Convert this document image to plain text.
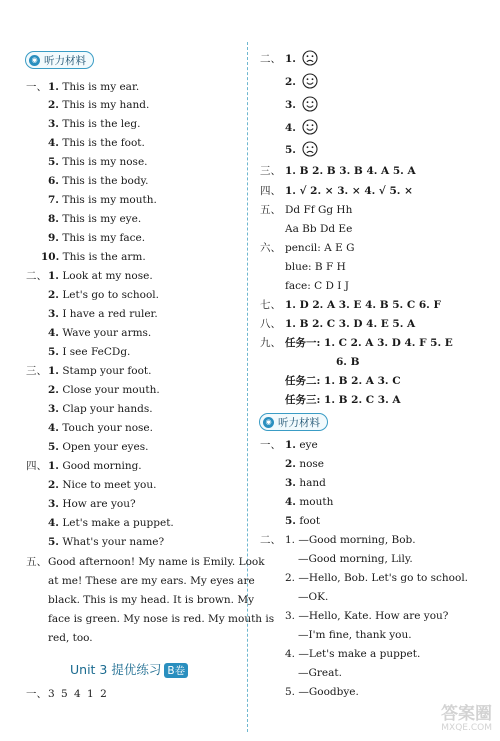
◉ 听力材料
一、 1. This is my ear.
2. This is my hand.
3. This is the leg.
4. This is the foot.
5. This is my nose.
6. This is the body.
7. This is my mouth.
8. This is my eye.
9. This is my face.
10. This is the arm.
二、 1. Look at my nose.
2. Let's go to school.
3. I have a red ruler.
4. Wave your arms.
5. I see FeCDg.
三、 1. Stamp your foot.
2. Close your mouth.
3. Clap your hands.
4. Touch your nose.
5. Open your eyes.
四、 1. Good morning.
2. Nice to meet you.
3. How are you?
4. Let's make a puppet.
5. What's your name?
五、 Good afternoon! My name is Emily. Look
at me! These are my ears. My eyes are
black. This is my head. It is brown. My
face is green. My nose is red. My mouth is
red, too.
Unit 3 提优练习 B卷
一、 3 5 4 1 2
二、 1.
2.
3.
4.
5.
三、 1. B 2. B 3. B 4. A 5. A
四、 1. √ 2. × 3. × 4. √ 5. ×
五、 Dd Ff Gg Hh
Aa Bb Dd Ee
六、 pencil: A E G
blue: B F H
face: C D I J
七、 1. D 2. A 3. E 4. B 5. C 6. F
八、 1. B 2. C 3. D 4. E 5. A
九、 任务一: 1. C 2. A 3. D 4. F 5. E
6. B
任务二: 1. B 2. A 3. C
任务三: 1. B 2. C 3. A
◉ 听力材料
一、 1. eye
2. nose
3. hand
4. mouth
5. foot
二、 1. —Good morning, Bob.
—Good morning, Lily.
2. —Hello, Bob. Let's go to school.
—OK.
3. —Hello, Kate. How are you?
—I'm fine, thank you.
4. —Let's make a puppet.
—Great.
5. —Goodbye.
答案圈
MXQE.COM
